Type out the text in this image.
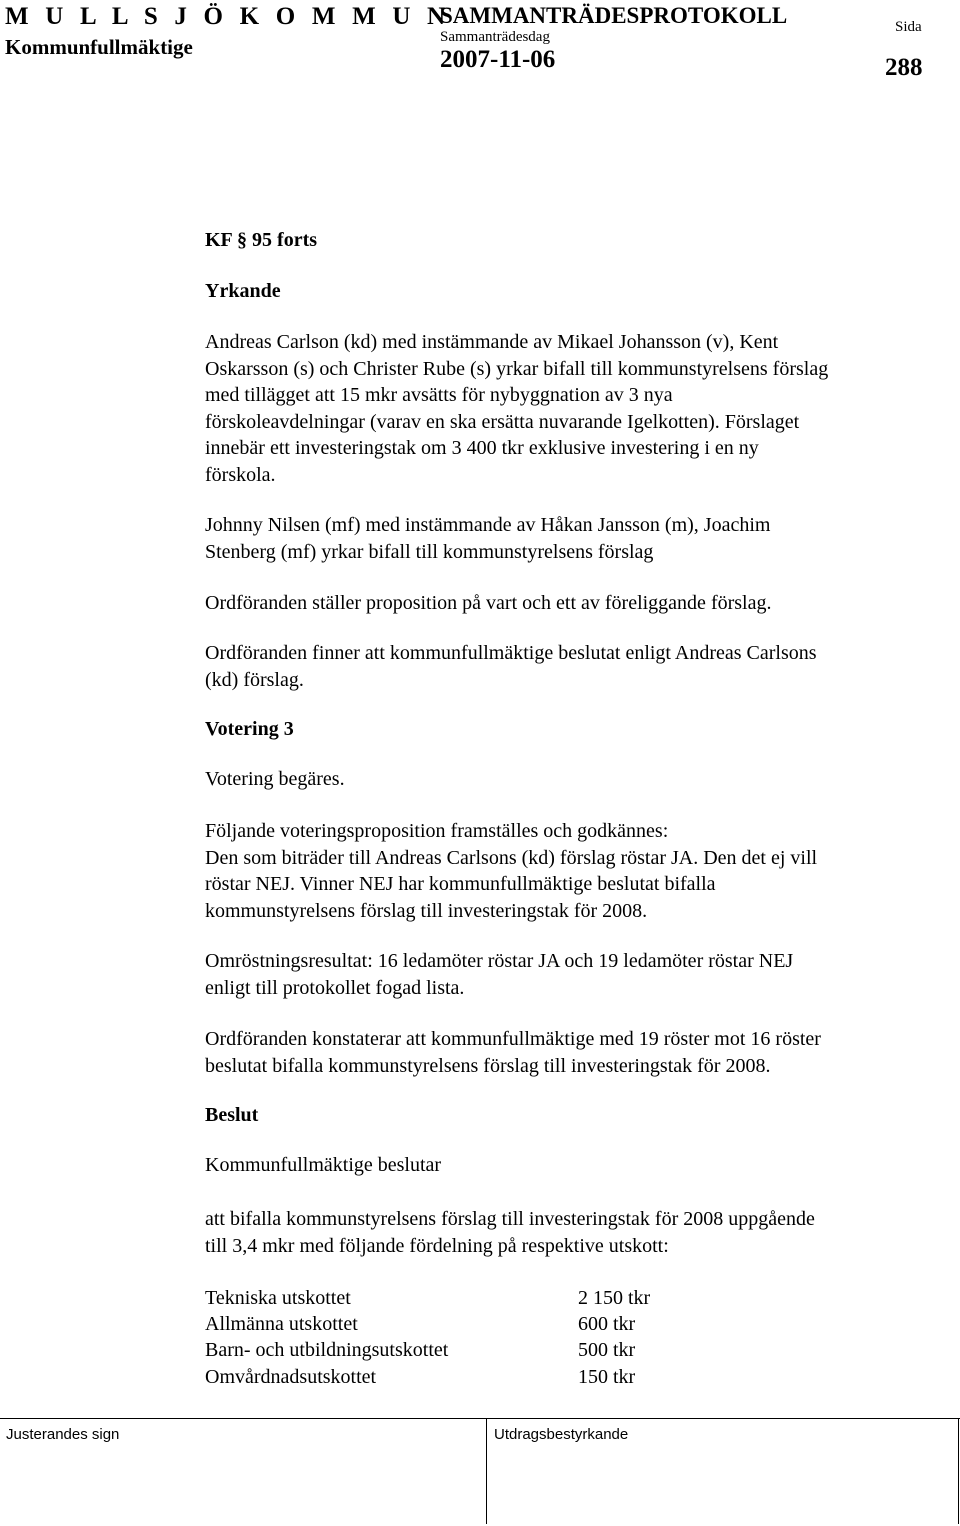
M U L L S J Ö K O M M U N
Kommunfullmäktige
SAMMANTRÄDESPROTOKOLL
Sammanträdesdag
2007-11-06
Sida
288
KF § 95 forts
Yrkande
Andreas Carlson (kd) med instämmande av Mikael Johansson (v), Kent
Oskarsson (s) och Christer Rube (s) yrkar bifall till kommunstyrelsens förslag
med tillägget att 15 mkr avsätts för nybyggnation av 3 nya
förskoleavdelningar (varav en ska ersätta nuvarande Igelkotten). Förslaget
innebär ett investeringstak om 3 400 tkr exklusive investering i en ny
förskola.
Johnny Nilsen (mf) med instämmande av Håkan Jansson (m), Joachim
Stenberg (mf) yrkar bifall till kommunstyrelsens förslag
Ordföranden ställer proposition på vart och ett av föreliggande förslag.
Ordföranden finner att kommunfullmäktige beslutat enligt Andreas Carlsons
(kd) förslag.
Votering 3
Votering begäres.
Följande voteringsproposition framställes och godkännes:
Den som biträder till Andreas Carlsons (kd) förslag röstar JA. Den det ej vill
röstar NEJ. Vinner NEJ har kommunfullmäktige beslutat bifalla
kommunstyrelsens förslag till investeringstak för 2008.
Omröstningsresultat: 16 ledamöter röstar JA och 19 ledamöter röstar NEJ
enligt till protokollet fogad lista.
Ordföranden konstaterar att kommunfullmäktige med 19 röster mot 16 röster
beslutat bifalla kommunstyrelsens förslag till investeringstak för 2008.
Beslut
Kommunfullmäktige beslutar
att bifalla kommunstyrelsens förslag till investeringstak för 2008 uppgående
till 3,4 mkr med följande fördelning på respektive utskott:
Tekniska utskottet	2 150 tkr
Allmänna utskottet	600 tkr
Barn- och utbildningsutskottet	500 tkr
Omvårdnadsutskottet	150 tkr
Justerandes sign	Utdragsbestyrkande
